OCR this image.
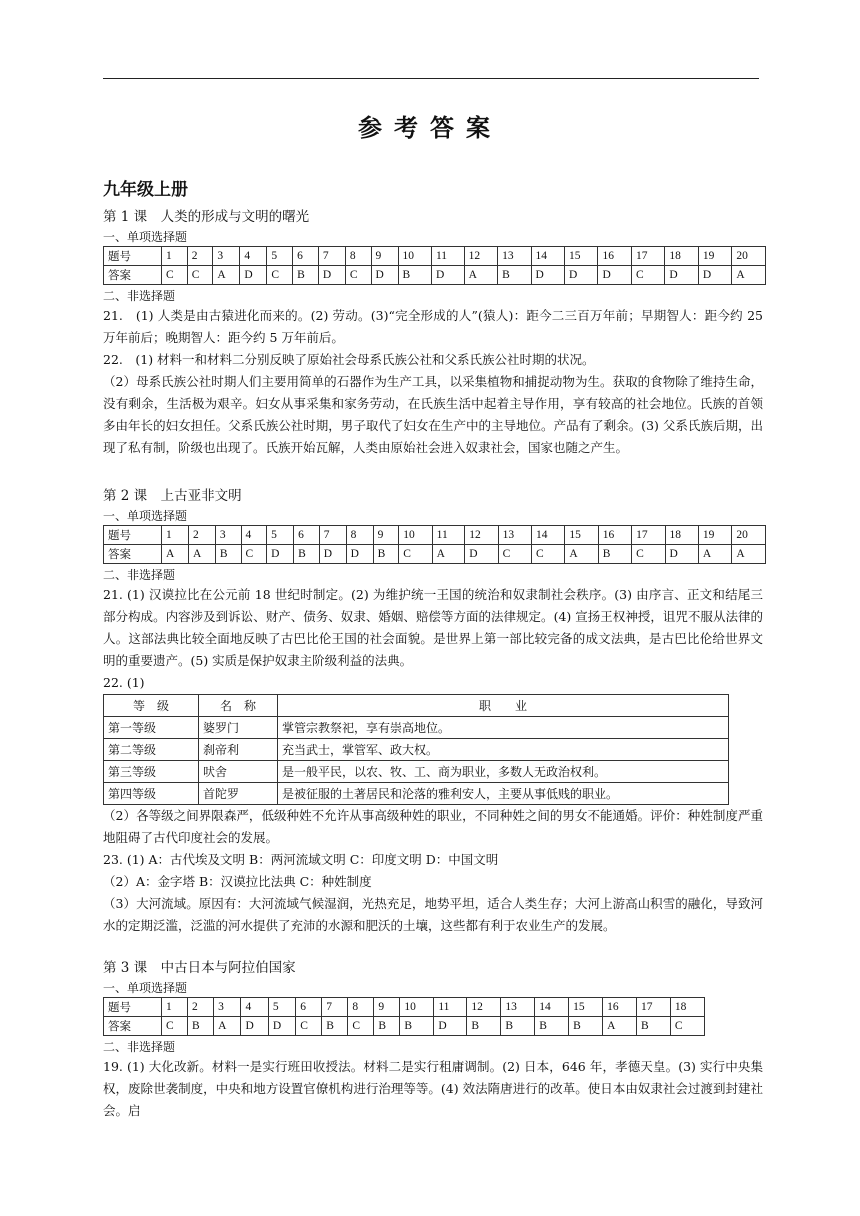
参考答案
九年级上册
第 1 课　人类的形成与文明的曙光
一、单项选择题
题号	1	2	3	4	5	6	7	8	9	10	11	12	13	14	15	16	17	18	19	20
答案	C	C	A	D	C	B	D	C	D	B	D	A	B	D	D	D	C	D	D	A
二、非选择题

21.　(1) 人类是由古猿进化而来的。(2) 劳动。(3)“完全形成的人”(猿人)：距今二三百万年前；早期智人：距今约 25 万年前后；晚期智人：距今约 5 万年前后。

22.　(1) 材料一和材料二分别反映了原始社会母系氏族公社和父系氏族公社时期的状况。

（2）母系氏族公社时期人们主要用简单的石器作为生产工具，以采集植物和捕捉动物为生。获取的食物除了维持生命，没有剩余，生活极为艰辛。妇女从事采集和家务劳动，在氏族生活中起着主导作用，享有较高的社会地位。氏族的首领多由年长的妇女担任。父系氏族公社时期，男子取代了妇女在生产中的主导地位。产品有了剩余。(3) 父系氏族后期，出现了私有制，阶级也出现了。氏族开始瓦解，人类由原始社会进入奴隶社会，国家也随之产生。

第 2 课　上古亚非文明
一、单项选择题
题号	1	2	3	4	5	6	7	8	9	10	11	12	13	14	15	16	17	18	19	20
答案	A	A	B	C	D	B	D	D	B	C	A	D	C	C	A	B	C	D	A	A
二、非选择题

21. (1) 汉谟拉比在公元前 18 世纪时制定。(2) 为维护统一王国的统治和奴隶制社会秩序。(3) 由序言、正文和结尾三部分构成。内容涉及到诉讼、财产、债务、奴隶、婚姻、赔偿等方面的法律规定。(4) 宣扬王权神授，诅咒不服从法律的人。这部法典比较全面地反映了古巴比伦王国的社会面貌。是世界上第一部比较完备的成文法典，是古巴比伦给世界文明的重要遗产。(5) 实质是保护奴隶主阶级利益的法典。

22. (1)

等　级	名　称	职　　业
第一等级	婆罗门	掌管宗教祭祀，享有崇高地位。
第二等级	刹帝利	充当武士，掌管军、政大权。
第三等级	吠舍	是一般平民，以农、牧、工、商为职业，多数人无政治权利。
第四等级	首陀罗	是被征服的土著居民和沦落的雅利安人，主要从事低贱的职业。

（2）各等级之间界限森严，低级种姓不允许从事高级种姓的职业，不同种姓之间的男女不能通婚。评价：种姓制度严重地阻碍了古代印度社会的发展。

23. (1) A：古代埃及文明 B：两河流域文明 C：印度文明 D：中国文明

（2）A：金字塔 B：汉谟拉比法典 C：种姓制度

（3）大河流域。原因有：大河流域气候湿润，光热充足，地势平坦，适合人类生存；大河上游高山积雪的融化，导致河水的定期泛滥，泛滥的河水提供了充沛的水源和肥沃的土壤，这些都有利于农业生产的发展。

第 3 课　中古日本与阿拉伯国家
一、单项选择题
题号	1	2	3	4	5	6	7	8	9	10	11	12	13	14	15	16	17	18
答案	C	B	A	D	D	C	B	C	B	B	D	B	B	B	B	A	B	C
二、非选择题

19. (1) 大化改新。材料一是实行班田收授法。材料二是实行租庸调制。(2) 日本，646 年，孝德天皇。(3) 实行中央集权，废除世袭制度，中央和地方设置官僚机构进行治理等等。(4) 效法隋唐进行的改革。使日本由奴隶社会过渡到封建社会。启
